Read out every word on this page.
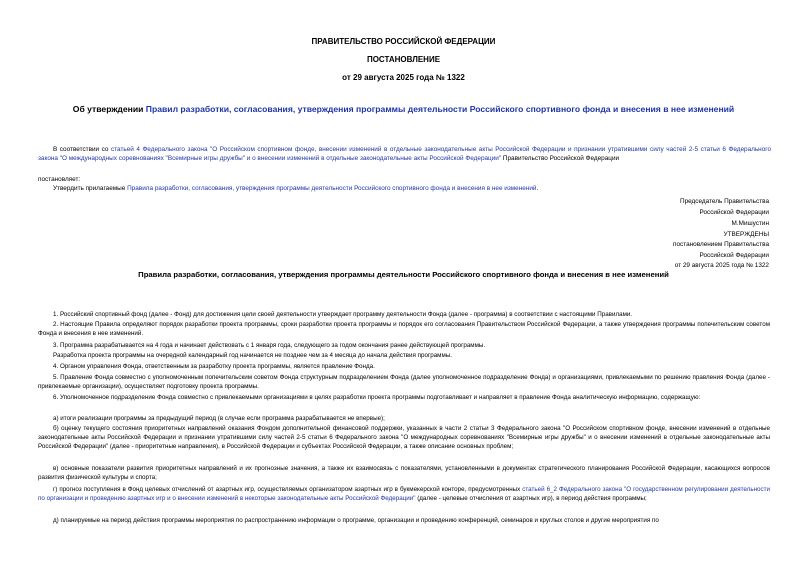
ПРАВИТЕЛЬСТВО РОССИЙСКОЙ ФЕДЕРАЦИИ
ПОСТАНОВЛЕНИЕ
от 29 августа 2025 года № 1322
Об утверждении Правил разработки, согласования, утверждения программы деятельности Российского спортивного фонда и внесения в нее изменений
В соответствии со статьей 4 Федерального закона "О Российском спортивном фонде, внесении изменений в отдельные законодательные акты Российской Федерации и признании утратившими силу частей 2-5 статьи 6 Федерального закона "О международных соревнованиях "Всемирные игры дружбы" и о внесении изменений в отдельные законодательные акты Российской Федерации" Правительство Российской Федерации
постановляет:
Утвердить прилагаемые Правила разработки, согласования, утверждения программы деятельности Российского спортивного фонда и внесения в нее изменений.
Председатель Правительства
Российской Федерации
М.Мишустин
УТВЕРЖДЕНЫ
постановлением Правительства
Российской Федерации
от 29 августа 2025 года № 1322
Правила разработки, согласования, утверждения программы деятельности Российского спортивного фонда и внесения в нее изменений
1. Российский спортивный фонд (далее - Фонд) для достижения цели своей деятельности утверждает программу деятельности Фонда (далее - программа) в соответствии с настоящими Правилами.
2. Настоящие Правила определяют порядок разработки проекта программы, сроки разработки проекта программы и порядок его согласования Правительством Российской Федерации, а также утверждения программы попечительским советом Фонда и внесения в нее изменений.
3. Программа разрабатывается на 4 года и начинает действовать с 1 января года, следующего за годом окончания ранее действующей программы.
Разработка проекта программы на очередной календарный год начинается не позднее чем за 4 месяца до начала действия программы.
4. Органом управления Фонда, ответственным за разработку проекта программы, является правление Фонда.
5. Правление Фонда совместно с уполномоченным попечительским советом Фонда структурным подразделением Фонда (далее уполномоченное подразделение Фонда) и организациями, привлекаемыми по решению правления Фонда (далее - привлекаемые организации), осуществляет подготовку проекта программы.
6. Уполномоченное подразделение Фонда совместно с привлекаемыми организациями в целях разработки проекта программы подготавливает и направляет в правление Фонда аналитическую информацию, содержащую:
а) итоги реализации программы за предыдущий период (в случае если программа разрабатывается не впервые);
б) оценку текущего состояния приоритетных направлений оказания Фондом дополнительной финансовой поддержки, указанных в части 2 статьи 3 Федерального закона "О Российском спортивном фонде, внесении изменений в отдельные законодательные акты Российской Федерации и признании утратившими силу частей 2-5 статьи 6 Федерального закона "О международных соревнованиях "Всемирные игры дружбы" и о внесении изменений в отдельные законодательные акты Российской Федерации" (далее - приоритетные направления), в Российской Федерации и субъектах Российской Федерации, а также описание основных проблем;
в) основные показатели развития приоритетных направлений и их прогнозные значения, а также их взаимосвязь с показателями, установленными в документах стратегического планирования Российской Федерации, касающихся вопросов развития физической культуры и спорта;
г) прогноз поступления в Фонд целевых отчислений от азартных игр, осуществляемых организатором азартных игр в букмекерской конторе, предусмотренных статьей 6_2 Федерального закона "О государственном регулировании деятельности по организации и проведению азартных игр и о внесении изменений в некоторые законодательные акты Российской Федерации" (далее - целевые отчисления от азартных игр), в период действия программы;
д) планируемые на период действия программы мероприятия по распространению информации о программе, организации и проведению конференций, семинаров и круглых столов и другие мероприятия по
